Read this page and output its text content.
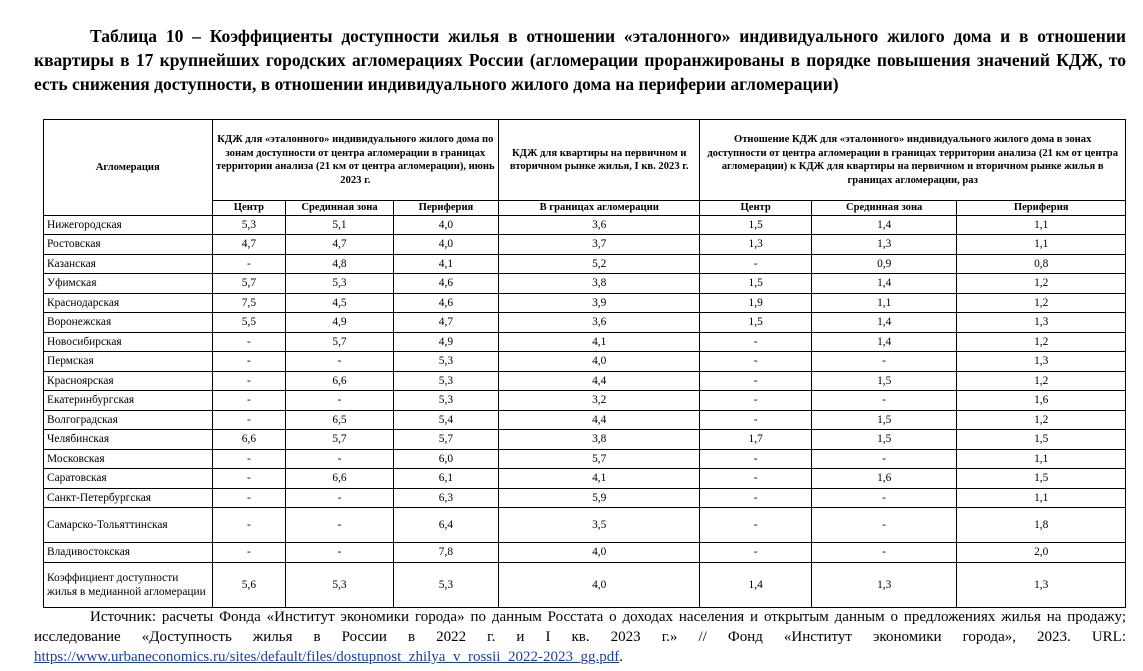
Таблица 10 – Коэффициенты доступности жилья в отношении «эталонного» индивидуального жилого дома и в отношении квартиры в 17 крупнейших городских агломерациях России (агломерации проранжированы в порядке повышения значений КДЖ, то есть снижения доступности, в отношении индивидуального жилого дома на периферии агломерации)
Агломерация	КДЖ для «эталонного» индивидуального жилого дома по зонам доступности от центра агломерации в границах территории анализа (21 км от центра агломерации), июнь 2023 г.			КДЖ для квартиры на первичном и вторичном рынке жилья, I кв. 2023 г.	Отношение КДЖ для «эталонного» индивидуального жилого дома в зонах доступности от центра агломерации в границах территории анализа (21 км от центра агломерации) к КДЖ для квартиры на первичном и вторичном рынке жилья в границах агломерации, раз		
	Центр	Срединная зона	Периферия	В границах агломерации	Центр	Срединная зона	Периферия
Нижегородская	5,3	5,1	4,0	3,6	1,5	1,4	1,1
Ростовская	4,7	4,7	4,0	3,7	1,3	1,3	1,1
Казанская	-	4,8	4,1	5,2	-	0,9	0,8
Уфимская	5,7	5,3	4,6	3,8	1,5	1,4	1,2
Краснодарская	7,5	4,5	4,6	3,9	1,9	1,1	1,2
Воронежская	5,5	4,9	4,7	3,6	1,5	1,4	1,3
Новосибирская	-	5,7	4,9	4,1	-	1,4	1,2
Пермская	-	-	5,3	4,0	-	-	1,3
Красноярская	-	6,6	5,3	4,4	-	1,5	1,2
Екатеринбургская	-	-	5,3	3,2	-	-	1,6
Волгоградская	-	6,5	5,4	4,4	-	1,5	1,2
Челябинская	6,6	5,7	5,7	3,8	1,7	1,5	1,5
Московская	-	-	6,0	5,7	-	-	1,1
Саратовская	-	6,6	6,1	4,1	-	1,6	1,5
Санкт-Петербургская	-	-	6,3	5,9	-	-	1,1
Самарско-Тольяттинская	-	-	6,4	3,5	-	-	1,8
Владивостокская	-	-	7,8	4,0	-	-	2,0
Коэффициент доступности жилья в медианной агломерации	5,6	5,3	5,3	4,0	1,4	1,3	1,3
Источник: расчеты Фонда «Институт экономики города» по данным Росстата о доходах населения и открытым данным о предложениях жилья на продажу; исследование «Доступность жилья в России в 2022 г. и I кв. 2023 г.» // Фонд «Институт экономики города», 2023. URL: https://www.urbaneconomics.ru/sites/default/files/dostupnost_zhilya_v_rossii_2022-2023_gg.pdf.
